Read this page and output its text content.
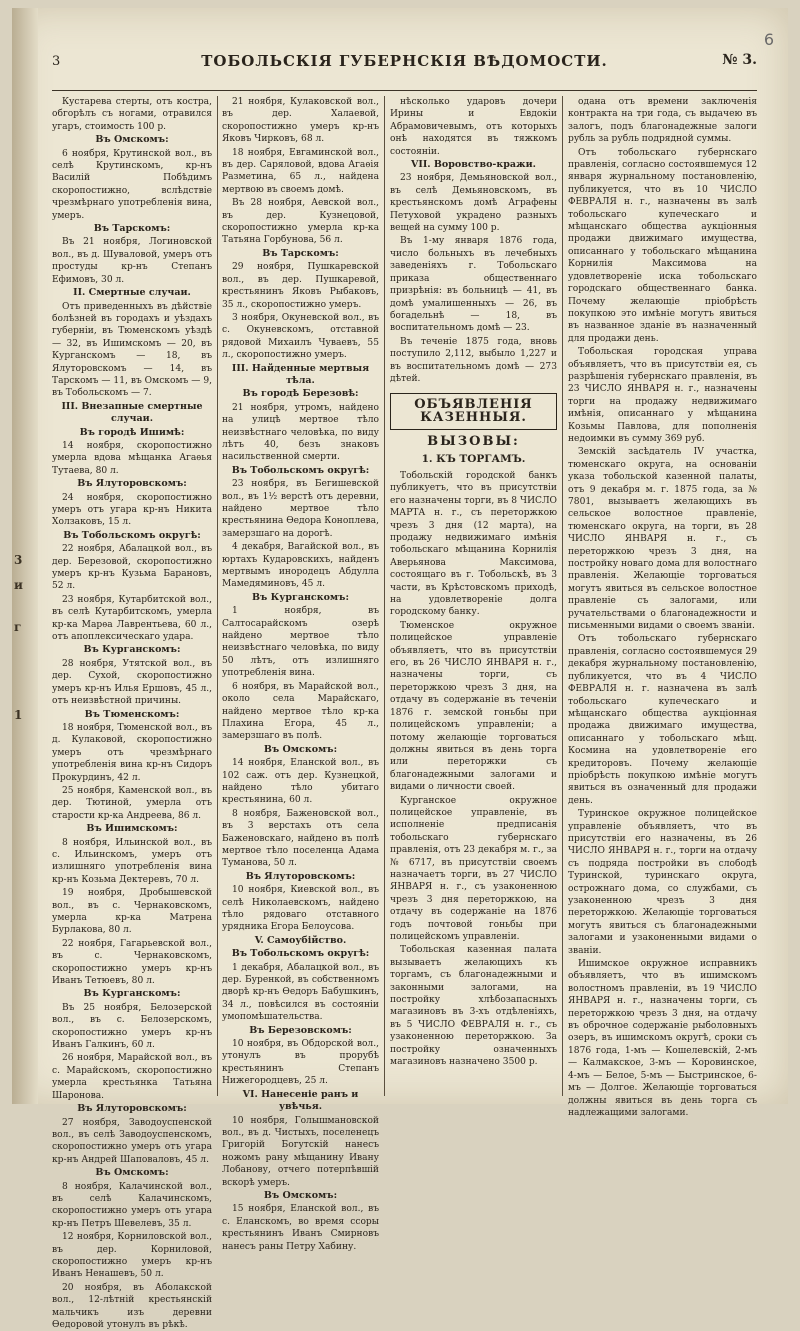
3
и
г
1
6
3	ТОБОЛЬСКІЯ ГУБЕРНСКІЯ ВѢДОМОСТИ.	№ 3.

Кустарева стерты, отъ костра, обгорѣлъ съ ногами, отравился угаръ, стоимость 100 р.

Въ Омскомъ:

6 ноября, Крутинской вол., въ селѣ Крутинскомъ, кр-нъ Василій Побѣдимъ скоропостижно, вслѣдствіе чрезмѣрнаго употребленія вина, умеръ.

Въ Тарскомъ:

Въ 21 ноября, Логиновской вол., въ д. Шуваловой, умеръ отъ простуды кр-нъ Степанъ Ефимовъ, 30 л.

II. Смертные случаи.

Отъ приведенныхъ въ дѣйствіе болѣзней въ городахъ и уѣздахъ губерніи, въ Тюменскомъ уѣздѣ — 32, въ Ишимскомъ — 20, въ Курганскомъ — 18, въ Ялуторовскомъ — 14, въ Тарскомъ — 11, въ Омскомъ — 9, въ Тобольскомъ — 7.

III. Внезапные смертные случаи.
Въ городѣ Ишимѣ:

14 ноября, скоропостижно умерла вдова мѣщанка Агаѳья Тутаева, 80 л.

Въ Ялуторовскомъ:

24 ноября, скоропостижно умеръ отъ угара кр-нъ Никита Холзаковъ, 15 л.

Въ Тобольскомъ округѣ:

22 ноября, Абалацкой вол., въ дер. Березовой, скоропостижно умеръ кр-нъ Кузьма Барановъ, 52 л.

23 ноября, Кутарбитской вол., въ селѣ Кутарбитскомъ, умерла кр-ка Марѳа Лаврентьева, 60 л., отъ апоплексическаго удара.

Въ Курганскомъ:

28 ноября, Утятской вол., въ дер. Сухой, скоропостижно умеръ кр-нъ Илья Ершовъ, 45 л., отъ неизвѣстной причины.

Въ Тюменскомъ:

18 ноября, Тюменской вол., въ д. Кулаковой, скоропостижно умеръ отъ чрезмѣрнаго употребленія вина кр-нъ Сидоръ Прокурдинъ, 42 л.

25 ноября, Каменской вол., въ дер. Тютиной, умерла отъ старости кр-ка Андреева, 86 л.

Въ Ишимскомъ:

8 ноября, Ильинской вол., въ с. Ильинскомъ, умеръ отъ излишняго употребленія вина кр-нъ Козьма Дектеревъ, 70 л.

19 ноября, Дробышевской вол., въ с. Чернаковскомъ, умерла кр-ка Матрена Бурлакова, 80 л.

22 ноября, Гагарьевской вол., въ с. Чернаковскомъ, скоропостижно умеръ кр-нъ Иванъ Тетюевъ, 80 л.

Въ Курганскомъ:

Въ 25 ноября, Белозерской вол., въ с. Белозерскомъ, скоропостижно умеръ кр-нъ Иванъ Галкинъ, 60 л.

26 ноября, Марайской вол., въ с. Марайскомъ, скоропостижно умерла крестьянка Татьяна Шаронова.

Въ Ялуторовскомъ:

27 ноября, Заводоуспенской вол., въ селѣ Заводоуспенскомъ, скоропостижно умеръ отъ угара кр-нъ Андрей Шаповаловъ, 45 л.

Въ Омскомъ:

8 ноября, Калачинской вол., въ селѣ Калачинскомъ, скоропостижно умеръ отъ угара кр-нъ Петръ Шевелевъ, 35 л.

12 ноября, Корниловской вол., въ дер. Корниловой, скоропостижно умеръ кр-нъ Иванъ Ненашевъ, 50 л.

20 ноября, въ Аболакской вол., 12-лѣтній крестьянскій мальчикъ изъ деревни Ѳедоровой утонулъ въ рѣкѣ.

21 ноября, Кулаковской вол., въ дер. Халаевой, скоропостижно умеръ кр-нъ Яковъ Чирковъ, 68 л.

18 ноября, Евгаминской вол., въ дер. Саряловой, вдова Агаѳія Разметина, 65 л., найдена мертвою въ своемъ домѣ.

Въ 28 ноября, Аевской вол., въ дер. Кузнецовой, скоропостижно умерла кр-ка Татьяна Горбунова, 56 л.

Въ Тарскомъ:

29 ноября, Пушкаревской вол., въ дер. Пушкаревой, крестьянинъ Яковъ Рыбаковъ, 35 л., скоропостижно умеръ.

3 ноября, Окуневской вол., въ с. Окуневскомъ, отставной рядовой Михаилъ Чуваевъ, 55 л., скоропостижно умеръ.

III. Найденные мертвыя тѣла.
Въ городѣ Березовѣ:

21 ноября, утромъ, найдено на улицѣ мертвое тѣло неизвѣстнаго человѣка, по виду лѣтъ 40, безъ знаковъ насильственной смерти.

Въ Тобольскомъ округѣ:

23 ноября, въ Бегишевской вол., въ 1½ верстѣ отъ деревни, найдено мертвое тѣло крестьянина Ѳедора Коноплева, замерзшаго на дорогѣ.

4 декабря, Вагайской вол., въ юртахъ Кударовскихъ, найденъ мертвымъ инородецъ Абдулла Мамедяминовъ, 45 л.

Въ Курганскомъ:

1 ноября, въ Салтосарайскомъ озерѣ найдено мертвое тѣло неизвѣстнаго человѣка, по виду 50 лѣтъ, отъ излишняго употребленія вина.

6 ноября, въ Марайской вол., около села Марайскаго, найдено мертвое тѣло кр-ка Плахина Егора, 45 л., замерзшаго въ полѣ.

Въ Омскомъ:

14 ноября, Еланской вол., въ 102 саж. отъ дер. Кузнецкой, найдено тѣло убитаго крестьянина, 60 л.

8 ноября, Баженовской вол., въ 3 верстахъ отъ села Баженовскаго, найдено въ полѣ мертвое тѣло поселенца Адама Туманова, 50 л.

Въ Ялуторовскомъ:

10 ноября, Киевской вол., въ селѣ Николаевскомъ, найдено тѣло рядоваго отставного урядника Егора Белоусова.

V. Самоубійство.
Въ Тобольскомъ округѣ:

1 декабря, Абалацкой вол., въ дер. Буренкой, въ собственномъ дворѣ кр-нъ Ѳедоръ Бабушкинъ, 34 л., повѣсился въ состояніи умопомѣшательства.

Въ Березовскомъ:

10 ноября, въ Обдорской вол., утонулъ въ прорубѣ крестьянинъ Степанъ Нижегородцевъ, 25 л.

VI. Нанесеніе ранъ и увѣчья.

10 ноября, Голышмановской вол., въ д. Чистыхъ, поселенецъ Григорій Богутскій нанесъ ножомъ рану мѣщанину Ивану Лобанову, отчего потерпѣвшій вскорѣ умеръ.

Въ Омскомъ:

15 ноября, Еланской вол., въ с. Еланскомъ, во время ссоры крестьянинъ Иванъ Смирновъ нанесъ раны Петру Хабину.

нѣсколько ударовъ дочери Ирины и Евдокіи Абрамовичевымъ, отъ которыхъ онѣ находятся въ тяжкомъ состояніи.

VII. Воровство-кражи.

23 ноября, Демьяновской вол., въ селѣ Демьяновскомъ, въ крестьянскомъ домѣ Аграфены Петуховой украдено разныхъ вещей на сумму 100 р.

Въ 1-му января 1876 года, число больныхъ въ лечебныхъ заведеніяхъ г. Тобольскаго приказа общественнаго призрѣнія: въ больницѣ — 41, въ домѣ умалишенныхъ — 26, въ богадельнѣ — 18, въ воспитательномъ домѣ — 23.

Въ теченіе 1875 года, вновь поступило 2,112, выбыло 1,227 и въ воспитательномъ домѣ — 273 дѣтей.

ОБЪЯВЛЕНІЯ КАЗЕННЫЯ.
ВЫЗОВЫ:
1. КЪ ТОРГАМЪ.

Тобольскій городской банкъ публикуетъ, что въ присутствіи его назначены торги, въ 8 ЧИСЛО МАРТА н. г., съ переторжкою чрезъ 3 дня (12 марта), на продажу недвижимаго имѣнія тобольскаго мѣщанина Корнилія Аверьянова Максимова, состоящаго въ г. Тобольскѣ, въ 3 части, въ Крѣстовскомъ приходѣ, на удовлетвореніе долга городскому банку.

Тюменское окружное полицейское управленіе объявляетъ, что въ присутствіи его, въ 26 ЧИСЛО ЯНВАРЯ н. г., назначены торги, съ переторжкою чрезъ 3 дня, на отдачу въ содержаніе въ теченіи 1876 г. земской гоньбы при полицейскомъ управленіи; а потому желающіе торговаться должны явиться въ день торга или переторжки съ благонадежными залогами и видами о личности своей.

Курганское окружное полицейское управленіе, въ исполненіе предписанія тобольскаго губернскаго правленія, отъ 23 декабря м. г., за № 6717, въ присутствіи своемъ назначаетъ торги, въ 27 ЧИСЛО ЯНВАРЯ н. г., съ узаконенною чрезъ 3 дня переторжкою, на отдачу въ содержаніе на 1876 годъ почтовой гоньбы при полицейскомъ управленіи.

Тобольская казенная палата вызываетъ желающихъ къ торгамъ, съ благонадежными и законными залогами, на постройку хлѣбозапасныхъ магазиновъ въ 3-хъ отдѣленіяхъ, въ 5 ЧИСЛО ФЕВРАЛЯ н. г., съ узаконенною переторжкою. За постройку означенныхъ магазиновъ назначено 3500 р.

одана отъ времени заключенія контракта на три года, съ выдачею въ залогъ, подъ благонадежные залоги рубль за рубль подрядной суммы.

Отъ тобольскаго губернскаго правленія, согласно состоявшемуся 12 января журнальному постановленію, публикуется, что въ 10 ЧИСЛО ФЕВРАЛЯ н. г., назначены въ залѣ тобольскаго купеческаго и мѣщанскаго общества аукціонныя продажи движимаго имущества, описаннаго у тобольскаго мѣщанина Корнилія Максимова на удовлетвореніе иска тобольскаго городскаго общественнаго банка. Почему желающіе пріобрѣсть покупкою это имѣніе могутъ явиться въ названное зданіе въ назначенный для продажи день.

Тобольская городская управа объявляетъ, что въ присутствіи ея, съ разрѣшенія губернскаго правленія, въ 23 ЧИСЛО ЯНВАРЯ н. г., назначены торги на продажу недвижимаго имѣнія, описаннаго у мѣщанина Козьмы Павлова, для пополненія недоимки въ сумму 369 руб.

Земскій засѣдатель IV участка, тюменскаго округа, на основаніи указа тобольской казенной палаты, отъ 9 декабря м. г. 1875 года, за № 7801, вызываетъ желающихъ въ сельское волостное правленіе, тюменскаго округа, на торги, въ 28 ЧИСЛО ЯНВАРЯ н. г., съ переторжкою чрезъ 3 дня, на постройку новаго дома для волостнаго правленія. Желающіе торговаться могутъ явиться въ сельское волостное правленіе съ залогами, или ручательствами о благонадежности и письменными видами о своемъ званіи.

Отъ тобольскаго губернскаго правленія, согласно состоявшемуся 29 декабря журнальному постановленію, публикуется, что въ 4 ЧИСЛО ФЕВРАЛЯ н. г. назначена въ залѣ тобольскаго купеческаго и мѣщанскаго общества аукціонная продажа движимаго имущества, описаннаго у тобольскаго мѣщ. Космина на удовлетвореніе его кредиторовъ. Почему желающіе пріобрѣсть покупкою имѣніе могутъ явиться въ означенный для продажи день.

Туринское окружное полицейское управленіе объявляетъ, что въ присутствіи его назначены, въ 26 ЧИСЛО ЯНВАРЯ н. г., торги на отдачу съ подряда постройки въ слободѣ Туринской, туринскаго округа, острожнаго дома, со службами, съ узаконенною чрезъ 3 дня переторжкою. Желающіе торговаться могутъ явиться съ благонадежными залогами и узаконенными видами о званіи.

Ишимское окружное исправникъ объявляетъ, что въ ишимскомъ волостномъ правленіи, въ 19 ЧИСЛО ЯНВАРЯ н. г., назначены торги, съ переторжкою чрезъ 3 дня, на отдачу въ оброчное содержаніе рыболовныхъ озеръ, въ ишимскомъ округѣ, сроки съ 1876 года, 1-мъ — Кошелевскій, 2-мъ — Калмакское, 3-мъ — Коровинское, 4-мъ — Белое, 5-мъ — Быстринское, 6-мъ — Долгое. Желающіе торговаться должны явиться въ день торга съ надлежащими залогами.
